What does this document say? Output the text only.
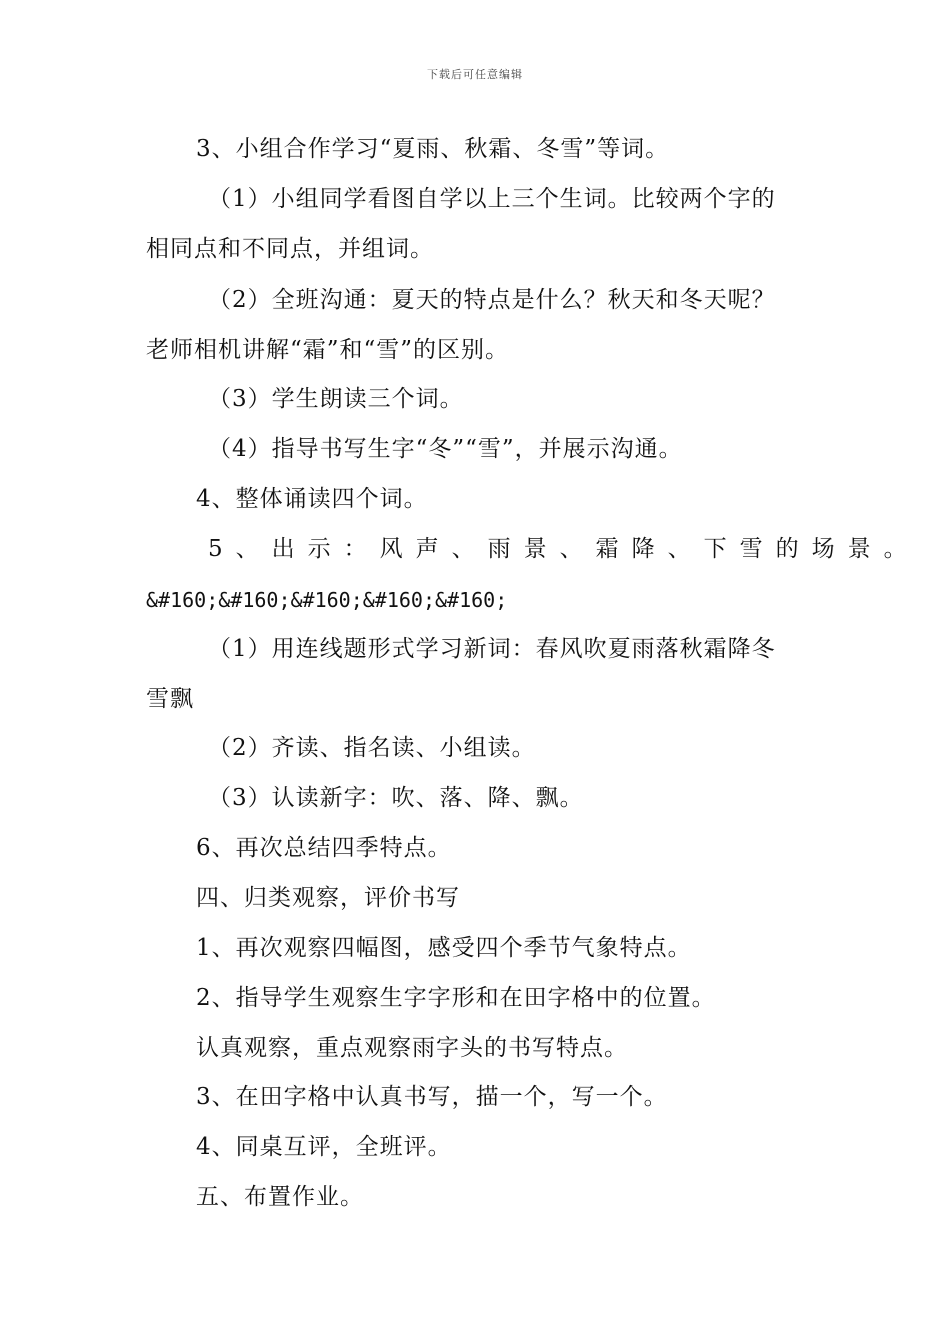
下载后可任意编辑
3、小组合作学习“夏雨、秋霜、冬雪”等词。
（1）小组同学看图自学以上三个生词。比较两个字的
相同点和不同点，并组词。
（2）全班沟通：夏天的特点是什么？秋天和冬天呢？
老师相机讲解“霜”和“雪”的区别。
（3）学生朗读三个词。
（4）指导书写生字“冬”“雪”，并展示沟通。
4、整体诵读四个词。
5、出示：风声、雨景、霜降、下雪的场景。
&#160;&#160;&#160;&#160;&#160;
（1）用连线题形式学习新词：春风吹夏雨落秋霜降冬
雪飘
（2）齐读、指名读、小组读。
（3）认读新字：吹、落、降、飘。
6、再次总结四季特点。
四、归类观察，评价书写
1、再次观察四幅图，感受四个季节气象特点。
2、指导学生观察生字字形和在田字格中的位置。
认真观察，重点观察雨字头的书写特点。
3、在田字格中认真书写，描一个，写一个。
4、同桌互评，全班评。
五、布置作业。
